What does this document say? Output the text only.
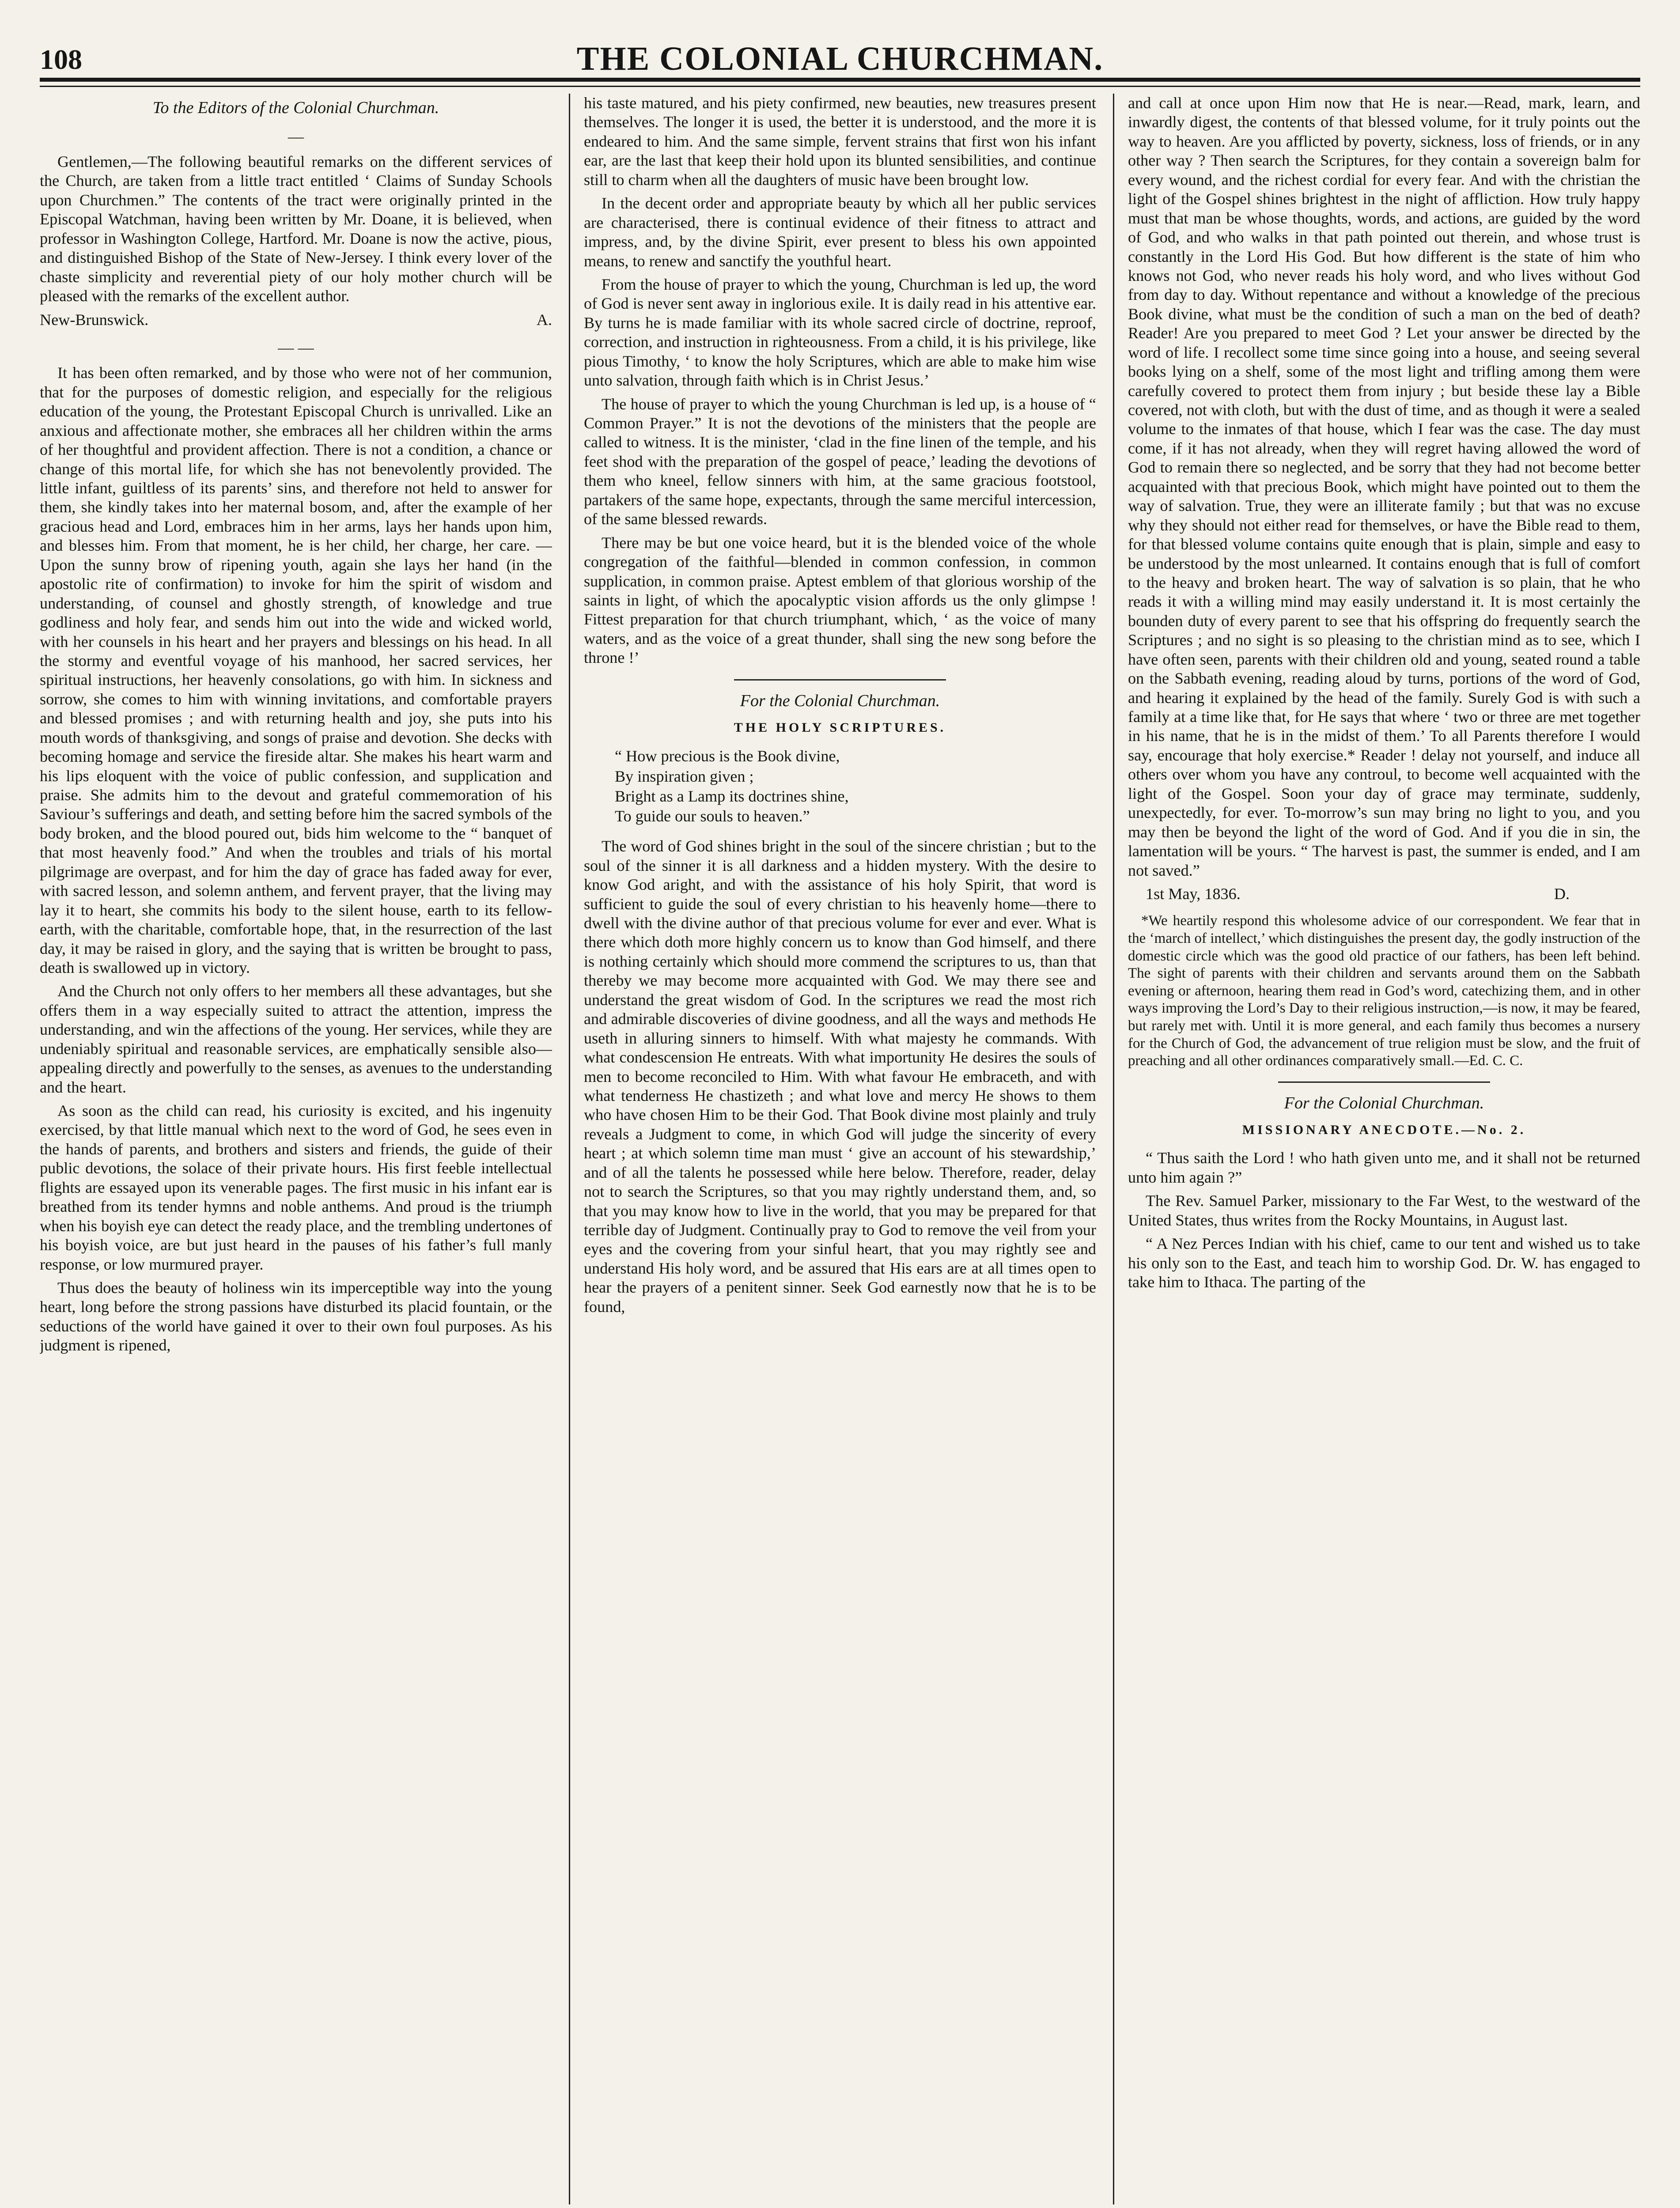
108	THE COLONIAL CHURCHMAN.

To the Editors of the Colonial Churchman.

—

Gentlemen,—The following beautiful remarks on the different services of the Church, are taken from a little tract entitled ‘ Claims of Sunday Schools upon Churchmen.” The contents of the tract were originally printed in the Episcopal Watchman, having been written by Mr. Doane, it is believed, when professor in Washington College, Hartford. Mr. Doane is now the active, pious, and distinguished Bishop of the State of New-Jersey. I think every lover of the chaste simplicity and reverential piety of our holy mother church will be pleased with the remarks of the excellent author.

New-Brunswick.	A.

— —

It has been often remarked, and by those who were not of her communion, that for the purposes of domestic religion, and especially for the religious education of the young, the Protestant Episcopal Church is unrivalled. Like an anxious and affectionate mother, she embraces all her children within the arms of her thoughtful and provident affection. There is not a condition, a chance or change of this mortal life, for which she has not benevolently provided. The little infant, guiltless of its parents’ sins, and therefore not held to answer for them, she kindly takes into her maternal bosom, and, after the example of her gracious head and Lord, embraces him in her arms, lays her hands upon him, and blesses him. From that moment, he is her child, her charge, her care. —Upon the sunny brow of ripening youth, again she lays her hand (in the apostolic rite of confirmation) to invoke for him the spirit of wisdom and understanding, of counsel and ghostly strength, of knowledge and true godliness and holy fear, and sends him out into the wide and wicked world, with her counsels in his heart and her prayers and blessings on his head. In all the stormy and eventful voyage of his manhood, her sacred services, her spiritual instructions, her heavenly consolations, go with him. In sickness and sorrow, she comes to him with winning invitations, and comfortable prayers and blessed promises ; and with returning health and joy, she puts into his mouth words of thanksgiving, and songs of praise and devotion. She decks with becoming homage and service the fireside altar. She makes his heart warm and his lips eloquent with the voice of public confession, and supplication and praise. She admits him to the devout and grateful commemoration of his Saviour’s sufferings and death, and setting before him the sacred symbols of the body broken, and the blood poured out, bids him welcome to the “ banquet of that most heavenly food.” And when the troubles and trials of his mortal pilgrimage are overpast, and for him the day of grace has faded away for ever, with sacred lesson, and solemn anthem, and fervent prayer, that the living may lay it to heart, she commits his body to the silent house, earth to its fellow-earth, with the charitable, comfortable hope, that, in the resurrection of the last day, it may be raised in glory, and the saying that is written be brought to pass, death is swallowed up in victory.

And the Church not only offers to her members all these advantages, but she offers them in a way especially suited to attract the attention, impress the understanding, and win the affections of the young. Her services, while they are undeniably spiritual and reasonable services, are emphatically sensible also—appealing directly and powerfully to the senses, as avenues to the understanding and the heart.

As soon as the child can read, his curiosity is excited, and his ingenuity exercised, by that little manual which next to the word of God, he sees even in the hands of parents, and brothers and sisters and friends, the guide of their public devotions, the solace of their private hours. His first feeble intellectual flights are essayed upon its venerable pages. The first music in his infant ear is breathed from its tender hymns and noble anthems. And proud is the triumph when his boyish eye can detect the ready place, and the trembling undertones of his boyish voice, are but just heard in the pauses of his father’s full manly response, or low murmured prayer.

Thus does the beauty of holiness win its imperceptible way into the young heart, long before the strong passions have disturbed its placid fountain, or the seductions of the world have gained it over to their own foul purposes. As his judgment is ripened,

his taste matured, and his piety confirmed, new beauties, new treasures present themselves. The longer it is used, the better it is understood, and the more it is endeared to him. And the same simple, fervent strains that first won his infant ear, are the last that keep their hold upon its blunted sensibilities, and continue still to charm when all the daughters of music have been brought low.

In the decent order and appropriate beauty by which all her public services are characterised, there is continual evidence of their fitness to attract and impress, and, by the divine Spirit, ever present to bless his own appointed means, to renew and sanctify the youthful heart.

From the house of prayer to which the young, Churchman is led up, the word of God is never sent away in inglorious exile. It is daily read in his attentive ear. By turns he is made familiar with its whole sacred circle of doctrine, reproof, correction, and instruction in righteousness. From a child, it is his privilege, like pious Timothy, ‘ to know the holy Scriptures, which are able to make him wise unto salvation, through faith which is in Christ Jesus.’

The house of prayer to which the young Churchman is led up, is a house of “ Common Prayer.” It is not the devotions of the ministers that the people are called to witness. It is the minister, ‘clad in the fine linen of the temple, and his feet shod with the preparation of the gospel of peace,’ leading the devotions of them who kneel, fellow sinners with him, at the same gracious footstool, partakers of the same hope, expectants, through the same merciful intercession, of the same blessed rewards.

There may be but one voice heard, but it is the blended voice of the whole congregation of the faithful—blended in common confession, in common supplication, in common praise. Aptest emblem of that glorious worship of the saints in light, of which the apocalyptic vision affords us the only glimpse ! Fittest preparation for that church triumphant, which, ‘ as the voice of many waters, and as the voice of a great thunder, shall sing the new song before the throne !’

For the Colonial Churchman.

THE HOLY SCRIPTURES.

“ How precious is the Book divine,
By inspiration given ;
Bright as a Lamp its doctrines shine,
To guide our souls to heaven.”

The word of God shines bright in the soul of the sincere christian ; but to the soul of the sinner it is all darkness and a hidden mystery. With the desire to know God aright, and with the assistance of his holy Spirit, that word is sufficient to guide the soul of every christian to his heavenly home—there to dwell with the divine author of that precious volume for ever and ever. What is there which doth more highly concern us to know than God himself, and there is nothing certainly which should more commend the scriptures to us, than that thereby we may become more acquainted with God. We may there see and understand the great wisdom of God. In the scriptures we read the most rich and admirable discoveries of divine goodness, and all the ways and methods He useth in alluring sinners to himself. With what majesty he commands. With what condescension He entreats. With what importunity He desires the souls of men to become reconciled to Him. With what favour He embraceth, and with what tenderness He chastizeth ; and what love and mercy He shows to them who have chosen Him to be their God. That Book divine most plainly and truly reveals a Judgment to come, in which God will judge the sincerity of every heart ; at which solemn time man must ‘ give an account of his stewardship,’ and of all the talents he possessed while here below. Therefore, reader, delay not to search the Scriptures, so that you may rightly understand them, and, so that you may know how to live in the world, that you may be prepared for that terrible day of Judgment. Continually pray to God to remove the veil from your eyes and the covering from your sinful heart, that you may rightly see and understand His holy word, and be assured that His ears are at all times open to hear the prayers of a penitent sinner. Seek God earnestly now that he is to be found,

and call at once upon Him now that He is near.—Read, mark, learn, and inwardly digest, the contents of that blessed volume, for it truly points out the way to heaven. Are you afflicted by poverty, sickness, loss of friends, or in any other way ? Then search the Scriptures, for they contain a sovereign balm for every wound, and the richest cordial for every fear. And with the christian the light of the Gospel shines brightest in the night of affliction. How truly happy must that man be whose thoughts, words, and actions, are guided by the word of God, and who walks in that path pointed out therein, and whose trust is constantly in the Lord His God. But how different is the state of him who knows not God, who never reads his holy word, and who lives without God from day to day. Without repentance and without a knowledge of the precious Book divine, what must be the condition of such a man on the bed of death? Reader! Are you prepared to meet God ? Let your answer be directed by the word of life. I recollect some time since going into a house, and seeing several books lying on a shelf, some of the most light and trifling among them were carefully covered to protect them from injury ; but beside these lay a Bible covered, not with cloth, but with the dust of time, and as though it were a sealed volume to the inmates of that house, which I fear was the case. The day must come, if it has not already, when they will regret having allowed the word of God to remain there so neglected, and be sorry that they had not become better acquainted with that precious Book, which might have pointed out to them the way of salvation. True, they were an illiterate family ; but that was no excuse why they should not either read for themselves, or have the Bible read to them, for that blessed volume contains quite enough that is plain, simple and easy to be understood by the most unlearned. It contains enough that is full of comfort to the heavy and broken heart. The way of salvation is so plain, that he who reads it with a willing mind may easily understand it. It is most certainly the bounden duty of every parent to see that his offspring do frequently search the Scriptures ; and no sight is so pleasing to the christian mind as to see, which I have often seen, parents with their children old and young, seated round a table on the Sabbath evening, reading aloud by turns, portions of the word of God, and hearing it explained by the head of the family. Surely God is with such a family at a time like that, for He says that where ‘ two or three are met together in his name, that he is in the midst of them.’ To all Parents therefore I would say, encourage that holy exercise.* Reader ! delay not yourself, and induce all others over whom you have any controul, to become well acquainted with the light of the Gospel. Soon your day of grace may terminate, suddenly, unexpectedly, for ever. To-morrow’s sun may bring no light to you, and you may then be beyond the light of the word of God. And if you die in sin, the lamentation will be yours. “ The harvest is past, the summer is ended, and I am not saved.”

1st May, 1836.	D.

*We heartily respond this wholesome advice of our correspondent. We fear that in the ‘march of intellect,’ which distinguishes the present day, the godly instruction of the domestic circle which was the good old practice of our fathers, has been left behind. The sight of parents with their children and servants around them on the Sabbath evening or afternoon, hearing them read in God’s word, catechizing them, and in other ways improving the Lord’s Day to their religious instruction,—is now, it may be feared, but rarely met with. Until it is more general, and each family thus becomes a nursery for the Church of God, the advancement of true religion must be slow, and the fruit of preaching and all other ordinances comparatively small.—Ed. C. C.

For the Colonial Churchman.

MISSIONARY ANECDOTE.—No. 2.

“ Thus saith the Lord ! who hath given unto me, and it shall not be returned unto him again ?”

The Rev. Samuel Parker, missionary to the Far West, to the westward of the United States, thus writes from the Rocky Mountains, in August last.

“ A Nez Perces Indian with his chief, came to our tent and wished us to take his only son to the East, and teach him to worship God. Dr. W. has engaged to take him to Ithaca. The parting of the
